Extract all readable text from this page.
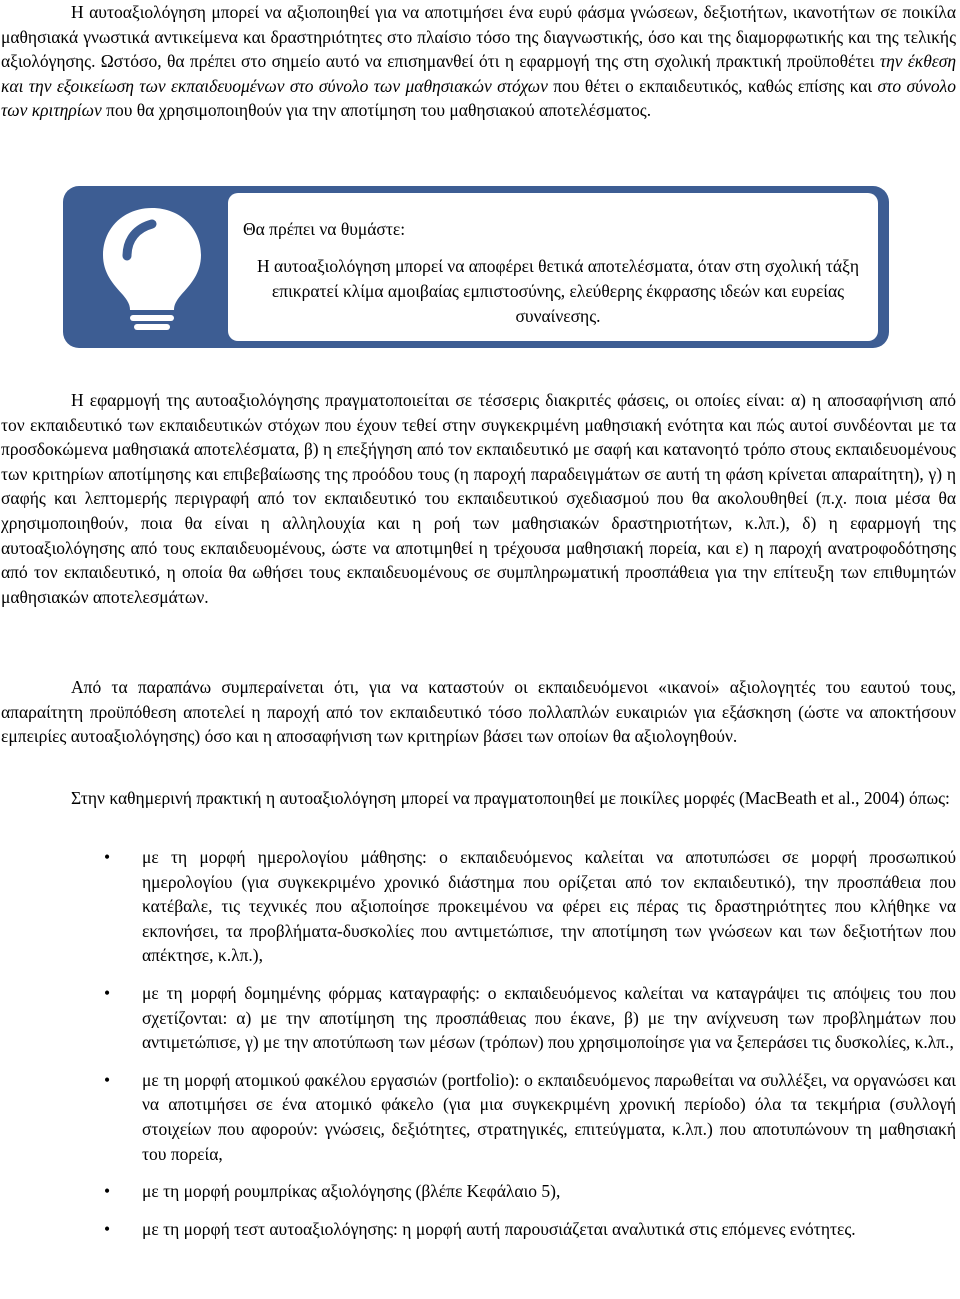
Η αυτοαξιολόγηση μπορεί να αξιοποιηθεί για να αποτιμήσει ένα ευρύ φάσμα γνώσεων, δεξιοτήτων, ικανοτήτων σε ποικίλα μαθησιακά γνωστικά αντικείμενα και δραστηριότητες στο πλαίσιο τόσο της διαγνωστικής, όσο και της διαμορφωτικής και της τελικής αξιολόγησης. Ωστόσο, θα πρέπει στο σημείο αυτό να επισημανθεί ότι η εφαρμογή της στη σχολική πρακτική προϋποθέτει την έκθεση και την εξοικείωση των εκπαιδευομένων στο σύνολο των μαθησιακών στόχων που θέτει ο εκπαιδευτικός, καθώς επίσης και στο σύνολο των κριτηρίων που θα χρησιμοποιηθούν για την αποτίμηση του μαθησιακού αποτελέσματος.

Θα πρέπει να θυμάστε:

Η αυτοαξιολόγηση μπορεί να αποφέρει θετικά αποτελέσματα, όταν στη σχολική τάξη επικρατεί κλίμα αμοιβαίας εμπιστοσύνης, ελεύθερης έκφρασης ιδεών και ευρείας συναίνεσης.

Η εφαρμογή της αυτοαξιολόγησης πραγματοποιείται σε τέσσερις διακριτές φάσεις, οι οποίες είναι: α) η αποσαφήνιση από τον εκπαιδευτικό των εκπαιδευτικών στόχων που έχουν τεθεί στην συγκεκριμένη μαθησιακή ενότητα και πώς αυτοί συνδέονται με τα προσδοκώμενα μαθησιακά αποτελέσματα, β) η επεξήγηση από τον εκπαιδευτικό με σαφή και κατανοητό τρόπο στους εκπαιδευομένους των κριτηρίων αποτίμησης και επιβεβαίωσης της προόδου τους (η παροχή παραδειγμάτων σε αυτή τη φάση κρίνεται απαραίτητη), γ) η σαφής και λεπτομερής περιγραφή από τον εκπαιδευτικό του εκπαιδευτικού σχεδιασμού που θα ακολουθηθεί (π.χ. ποια μέσα θα χρησιμοποιηθούν, ποια θα είναι η αλληλουχία και η ροή των μαθησιακών δραστηριοτήτων, κ.λπ.), δ) η εφαρμογή της αυτοαξιολόγησης από τους εκπαιδευομένους, ώστε να αποτιμηθεί η τρέχουσα μαθησιακή πορεία, και ε) η παροχή ανατροφοδότησης από τον εκπαιδευτικό, η οποία θα ωθήσει τους εκπαιδευομένους σε συμπληρωματική προσπάθεια για την επίτευξη των επιθυμητών μαθησιακών αποτελεσμάτων.

Από τα παραπάνω συμπεραίνεται ότι, για να καταστούν οι εκπαιδευόμενοι «ικανοί» αξιολογητές του εαυτού τους, απαραίτητη προϋπόθεση αποτελεί η παροχή από τον εκπαιδευτικό τόσο πολλαπλών ευκαιριών για εξάσκηση (ώστε να αποκτήσουν εμπειρίες αυτοαξιολόγησης) όσο και η αποσαφήνιση των κριτηρίων βάσει των οποίων θα αξιολογηθούν.

Στην καθημερινή πρακτική η αυτοαξιολόγηση μπορεί να πραγματοποιηθεί με ποικίλες μορφές (MacBeath et al., 2004) όπως:

• με τη μορφή ημερολογίου μάθησης: ο εκπαιδευόμενος καλείται να αποτυπώσει σε μορφή προσωπικού ημερολογίου (για συγκεκριμένο χρονικό διάστημα που ορίζεται από τον εκπαιδευτικό), την προσπάθεια που κατέβαλε, τις τεχνικές που αξιοποίησε προκειμένου να φέρει εις πέρας τις δραστηριότητες που κλήθηκε να εκπονήσει, τα προβλήματα-δυσκολίες που αντιμετώπισε, την αποτίμηση των γνώσεων και των δεξιοτήτων που απέκτησε, κ.λπ.),
• με τη μορφή δομημένης φόρμας καταγραφής: ο εκπαιδευόμενος καλείται να καταγράψει τις απόψεις του που σχετίζονται: α) με την αποτίμηση της προσπάθειας που έκανε, β) με την ανίχνευση των προβλημάτων που αντιμετώπισε, γ) με την αποτύπωση των μέσων (τρόπων) που χρησιμοποίησε για να ξεπεράσει τις δυσκολίες, κ.λπ.,
• με τη μορφή ατομικού φακέλου εργασιών (portfolio): ο εκπαιδευόμενος παρωθείται να συλλέξει, να οργανώσει και να αποτιμήσει σε ένα ατομικό φάκελο (για μια συγκεκριμένη χρονική περίοδο) όλα τα τεκμήρια (συλλογή στοιχείων που αφορούν: γνώσεις, δεξιότητες, στρατηγικές, επιτεύγματα, κ.λπ.) που αποτυπώνουν τη μαθησιακή του πορεία,
• με τη μορφή ρουμπρίκας αξιολόγησης (βλέπε Κεφάλαιο 5),
• με τη μορφή τεστ αυτοαξιολόγησης: η μορφή αυτή παρουσιάζεται αναλυτικά στις επόμενες ενότητες.
